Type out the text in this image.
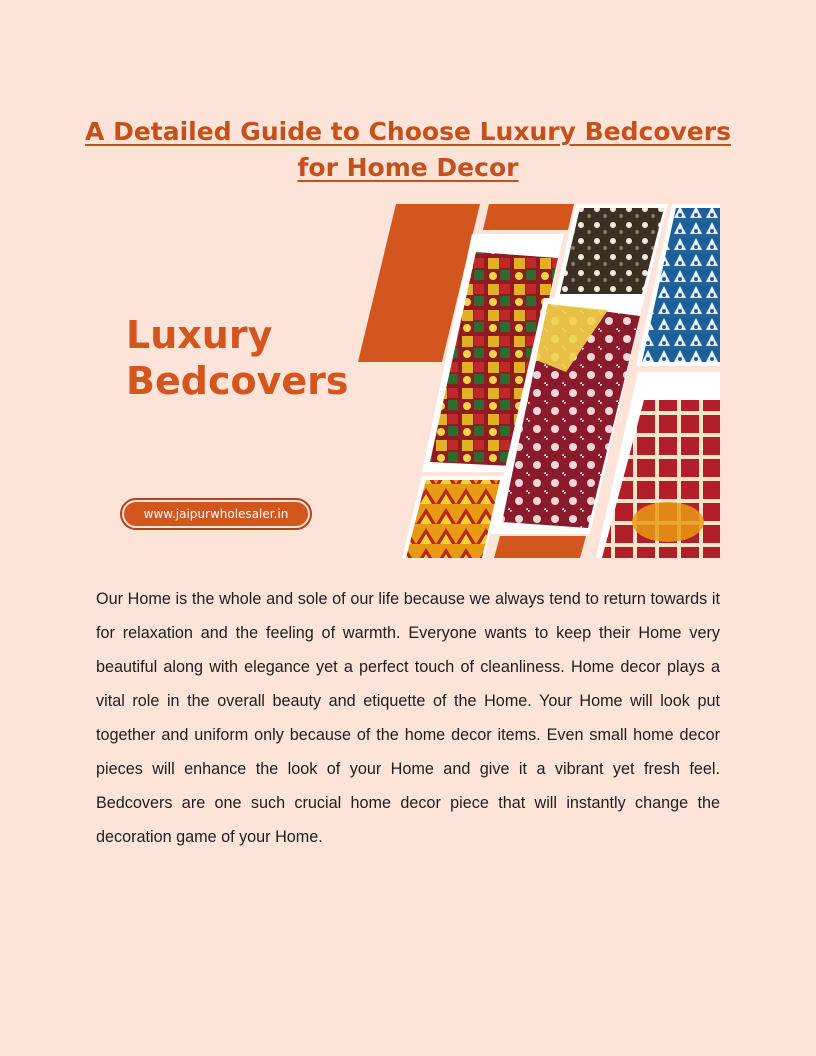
A Detailed Guide to Choose Luxury Bedcovers
for Home Decor
Luxury
Bedcovers
www.jaipurwholesaler.in

Our Home is the whole and sole of our life because we always tend to return towards it for relaxation and the feeling of warmth. Everyone wants to keep their Home very beautiful along with elegance yet a perfect touch of cleanliness. Home decor plays a vital role in the overall beauty and etiquette of the Home. Your Home will look put together and uniform only because of the home decor items. Even small home decor pieces will enhance the look of your Home and give it a vibrant yet fresh feel. Bedcovers are one such crucial home decor piece that will instantly change the decoration game of your Home.
